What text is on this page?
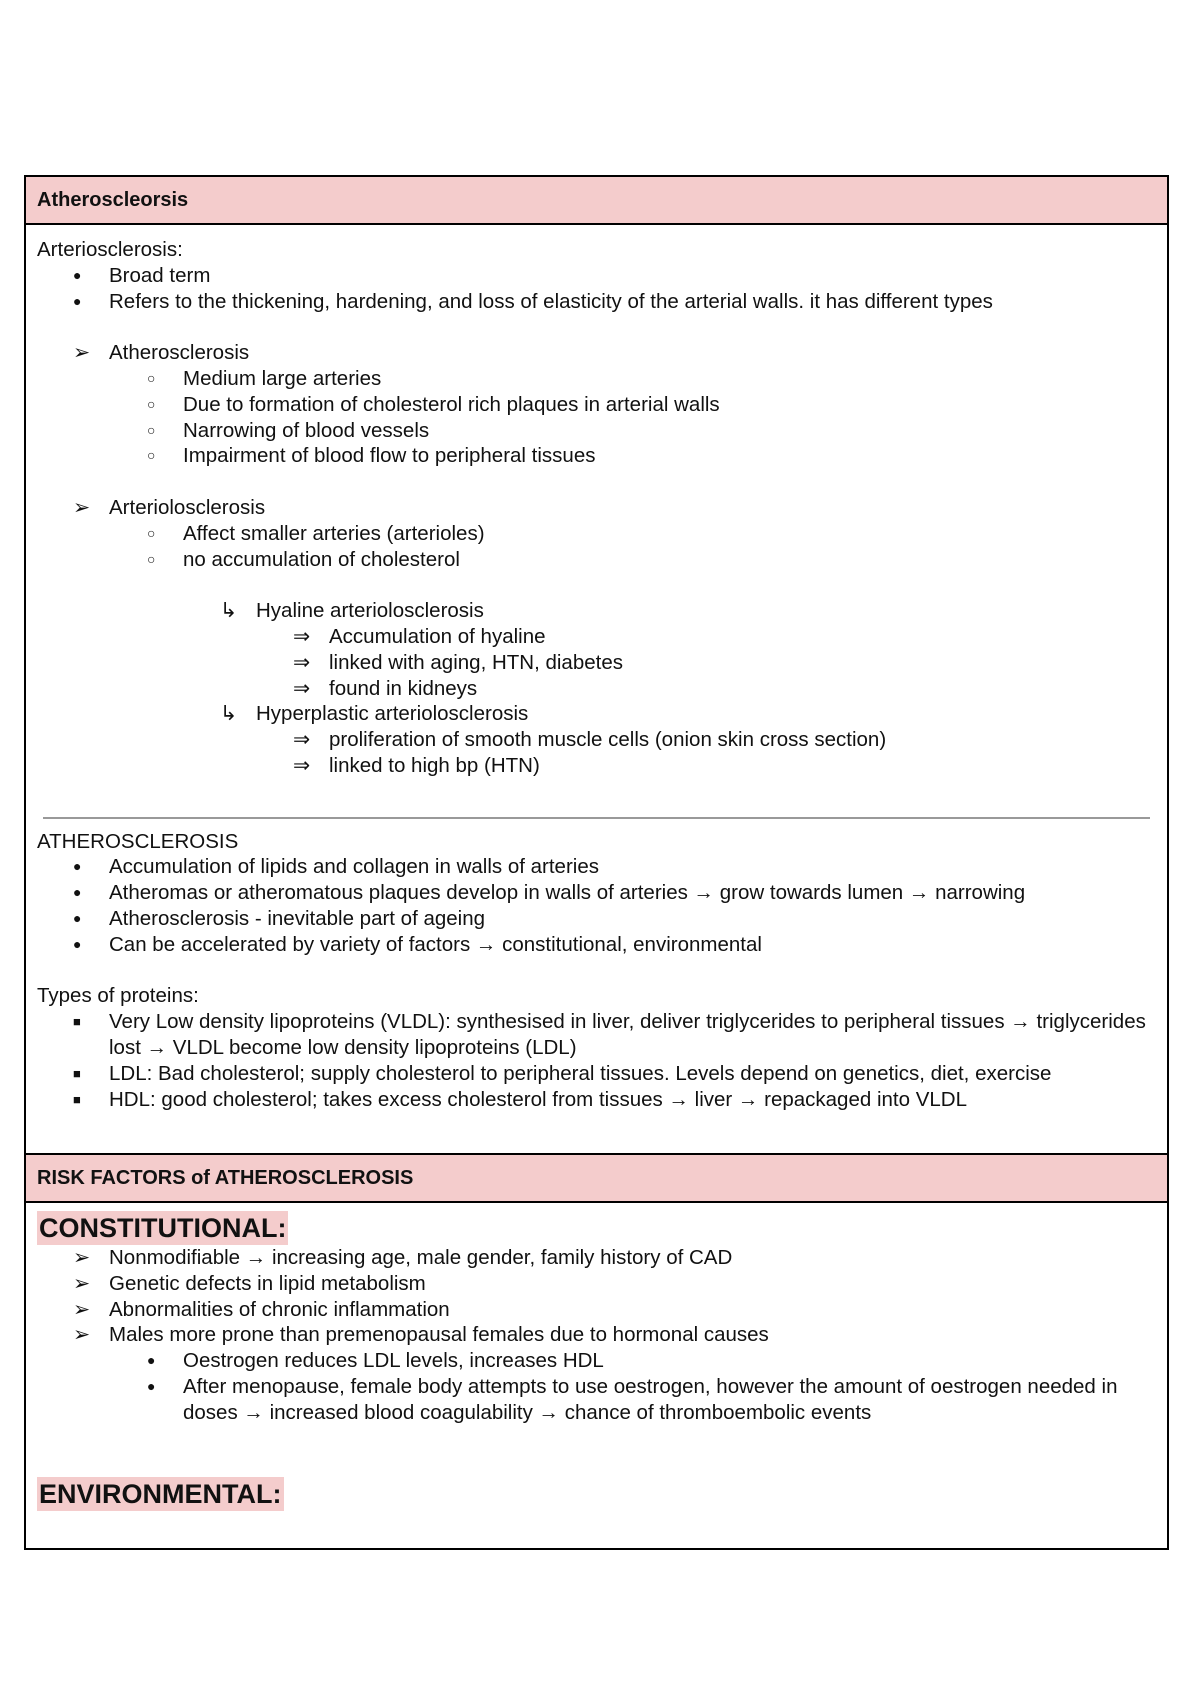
Atheroscleorsis
Arteriosclerosis:
●	Broad term
●	Refers to the thickening, hardening, and loss of elasticity of the arterial walls. it has different types
➢ Atherosclerosis
○	Medium large arteries
○	Due to formation of cholesterol rich plaques in arterial walls
○	Narrowing of blood vessels
○	Impairment of blood flow to peripheral tissues
➢ Arteriolosclerosis
○	Affect smaller arteries (arterioles)
○	no accumulation of cholesterol
↳ Hyaline arteriolosclerosis
⇒ Accumulation of hyaline
⇒ linked with aging, HTN, diabetes
⇒ found in kidneys
↳ Hyperplastic arteriolosclerosis
⇒ proliferation of smooth muscle cells (onion skin cross section)
⇒ linked to high bp (HTN)
ATHEROSCLEROSIS
●	Accumulation of lipids and collagen in walls of arteries
●	Atheromas or atheromatous plaques develop in walls of arteries → grow towards lumen → narrowing
●	Atherosclerosis - inevitable part of ageing
●	Can be accelerated by variety of factors → constitutional, environmental
Types of proteins:
■	Very Low density lipoproteins (VLDL): synthesised in liver, deliver triglycerides to peripheral tissues → triglycerides lost → VLDL become low density lipoproteins (LDL)
■	LDL: Bad cholesterol; supply cholesterol to peripheral tissues. Levels depend on genetics, diet, exercise
■	HDL: good cholesterol; takes excess cholesterol from tissues → liver → repackaged into VLDL
RISK FACTORS of ATHEROSCLEROSIS
CONSTITUTIONAL:
➢ Nonmodifiable → increasing age, male gender, family history of CAD
➢ Genetic defects in lipid metabolism
➢ Abnormalities of chronic inflammation
➢ Males more prone than premenopausal females due to hormonal causes
●	Oestrogen reduces LDL levels, increases HDL
●	After menopause, female body attempts to use oestrogen, however the amount of oestrogen needed in doses → increased blood coagulability → chance of thromboembolic events
ENVIRONMENTAL:
